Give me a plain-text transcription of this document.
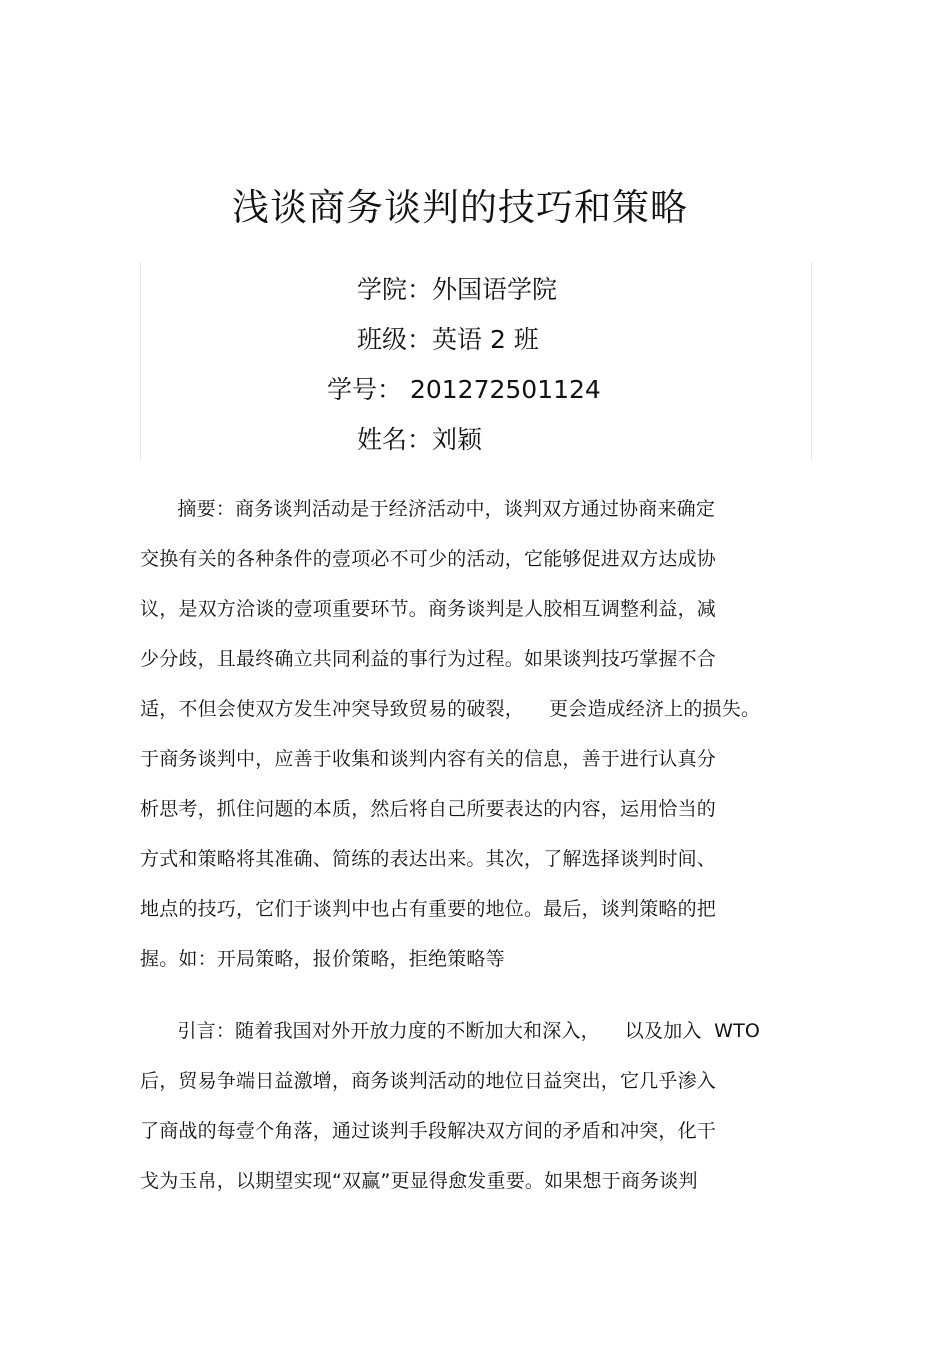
浅谈商务谈判的技巧和策略
学院：外国语学院
班级：英语 2 班
学号： 201272501124
姓名：刘颖
摘要：商务谈判活动是于经济活动中，谈判双方通过协商来确定
交换有关的各种条件的壹项必不可少的活动，它能够促进双方达成协
议，是双方洽谈的壹项重要环节。商务谈判是人胶相互调整利益，减
少分歧，且最终确立共同利益的事行为过程。如果谈判技巧掌握不合
适，不但会使双方发生冲突导致贸易的破裂，    更会造成经济上的损失。
于商务谈判中，应善于收集和谈判内容有关的信息，善于进行认真分
析思考，抓住问题的本质，然后将自己所要表达的内容，运用恰当的
方式和策略将其准确、简练的表达出来。其次，了解选择谈判时间、
地点的技巧，它们于谈判中也占有重要的地位。最后，谈判策略的把
握。如：开局策略，报价策略，拒绝策略等
引言：随着我国对外开放力度的不断加大和深入，    以及加入  WTO
后，贸易争端日益激增，商务谈判活动的地位日益突出，它几乎渗入
了商战的每壹个角落，通过谈判手段解决双方间的矛盾和冲突，化干
戈为玉帛，以期望实现“双赢”更显得愈发重要。如果想于商务谈判
